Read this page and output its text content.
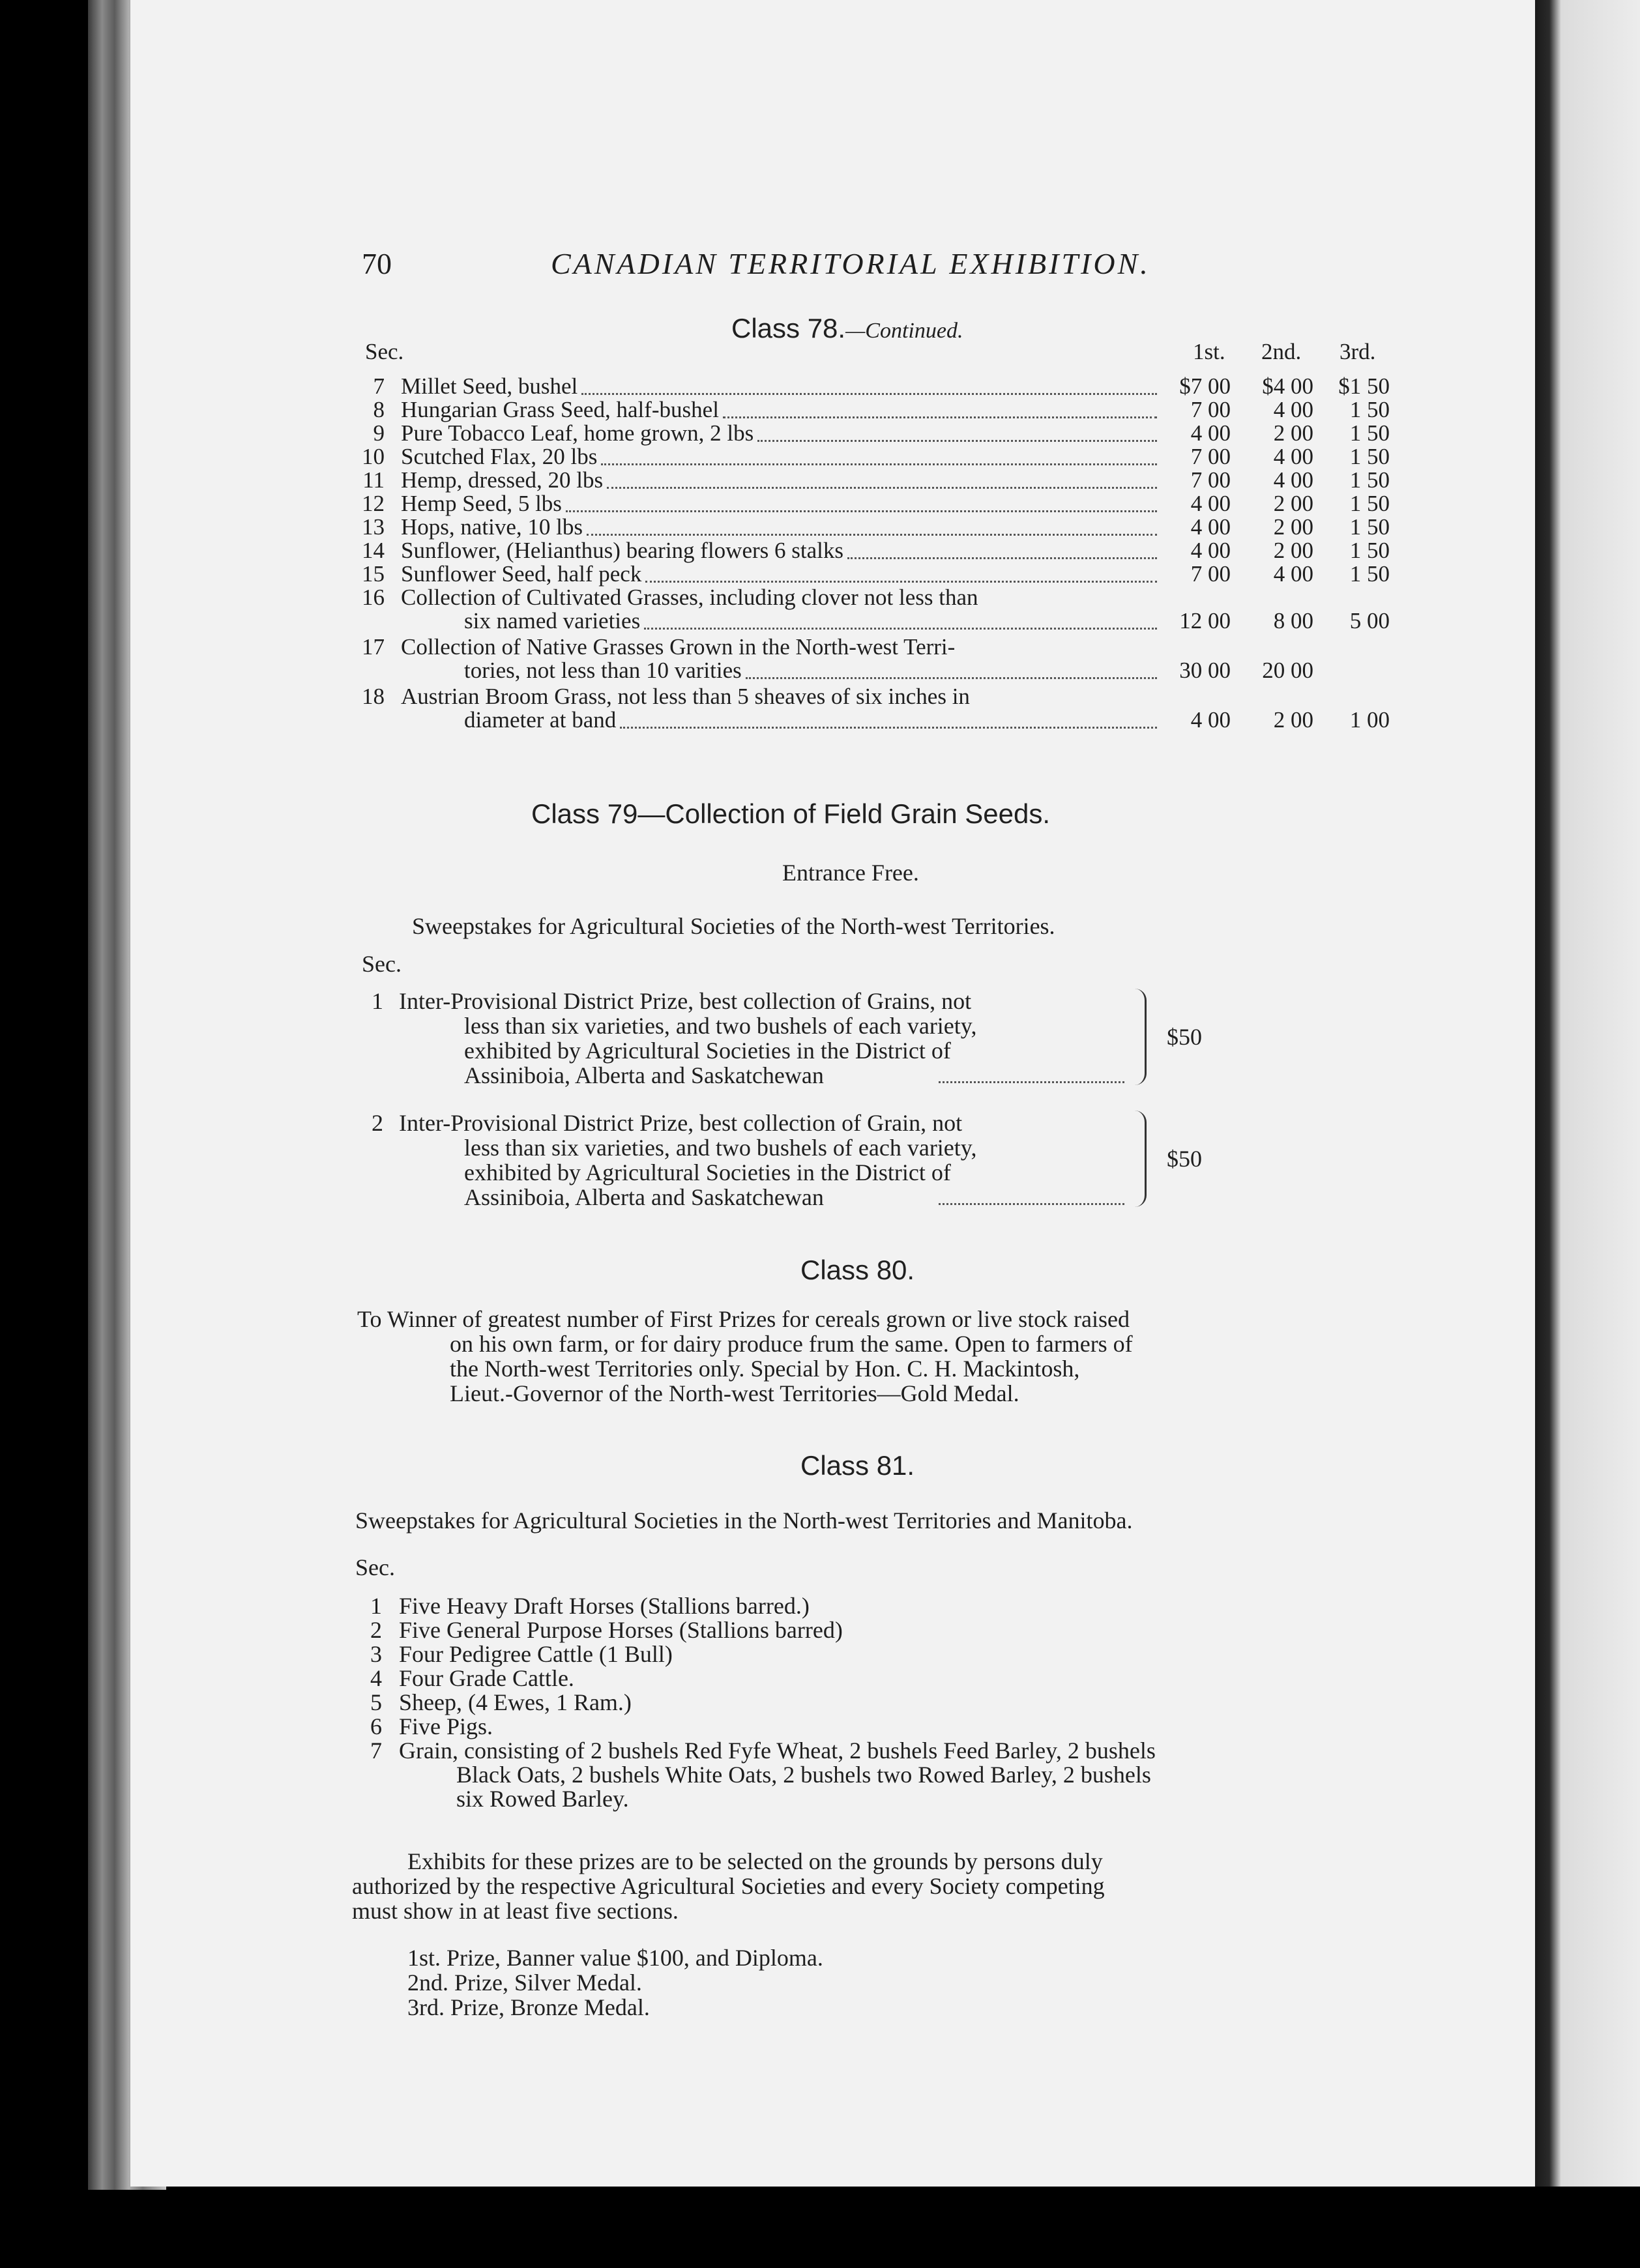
70	CANADIAN TERRITORIAL EXHIBITION.
Class 78.—Continued.
Sec.	1st. 2nd. 3rd.
7 Millet Seed, bushel	$7 00	$4 00	$1 50
8 Hungarian Grass Seed, half-bushel	7 00	4 00	1 50
9 Pure Tobacco Leaf, home grown, 2 lbs	4 00	2 00	1 50
10 Scutched Flax, 20 lbs	7 00	4 00	1 50
11 Hemp, dressed, 20 lbs	7 00	4 00	1 50
12 Hemp Seed, 5 lbs	4 00	2 00	1 50
13 Hops, native, 10 lbs	4 00	2 00	1 50
14 Sunflower, (Helianthus) bearing flowers 6 stalks	4 00	2 00	1 50
15 Sunflower Seed, half peck	7 00	4 00	1 50
16 Collection of Cultivated Grasses, including clover not less than
six named varieties	12 00	8 00	5 00
17 Collection of Native Grasses Grown in the North-west Terri-
tories, not less than 10 varities	30 00	20 00
18 Austrian Broom Grass, not less than 5 sheaves of six inches in
diameter at band	4 00	2 00	1 00
Class 79—Collection of Field Grain Seeds.
Entrance Free.
Sweepstakes for Agricultural Societies of the North-west Territories.
Sec.
1 Inter-Provisional District Prize, best collection of Grains, not
less than six varieties, and two bushels of each variety,
exhibited by Agricultural Societies in the District of
Assiniboia, Alberta and Saskatchewan
$50
2 Inter-Provisional District Prize, best collection of Grain, not
less than six varieties, and two bushels of each variety,
exhibited by Agricultural Societies in the District of
Assiniboia, Alberta and Saskatchewan
$50
Class 80.
To Winner of greatest number of First Prizes for cereals grown or live stock raised
on his own farm, or for dairy produce frum the same. Open to farmers of
the North-west Territories only. Special by Hon. C. H. Mackintosh,
Lieut.-Governor of the North-west Territories—Gold Medal.
Class 81.
Sweepstakes for Agricultural Societies in the North-west Territories and Manitoba.
Sec.
1 Five Heavy Draft Horses (Stallions barred.)
2 Five General Purpose Horses (Stallions barred)
3 Four Pedigree Cattle (1 Bull)
4 Four Grade Cattle.
5 Sheep, (4 Ewes, 1 Ram.)
6 Five Pigs.
7 Grain, consisting of 2 bushels Red Fyfe Wheat, 2 bushels Feed Barley, 2 bushels
Black Oats, 2 bushels White Oats, 2 bushels two Rowed Barley, 2 bushels
six Rowed Barley.
Exhibits for these prizes are to be selected on the grounds by persons duly
authorized by the respective Agricultural Societies and every Society competing
must show in at least five sections.
1st. Prize, Banner value $100, and Diploma.
2nd. Prize, Silver Medal.
3rd. Prize, Bronze Medal.
